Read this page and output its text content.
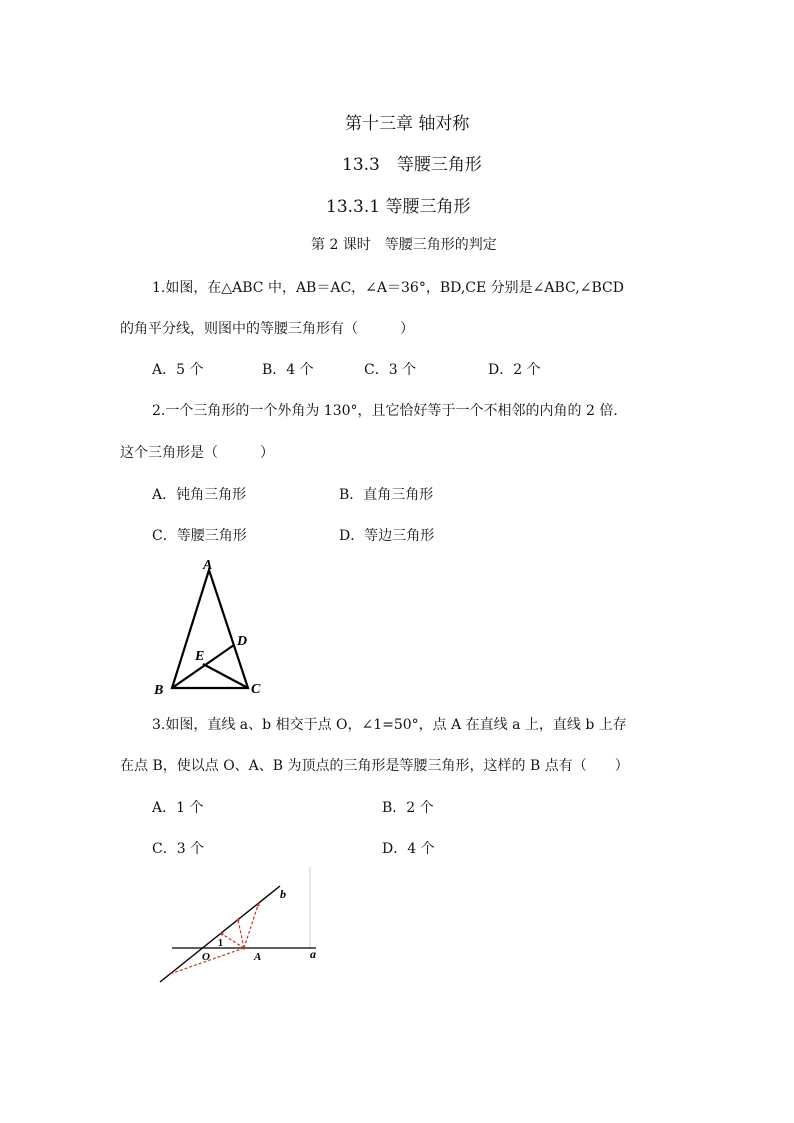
第十三章 轴对称
13.3　等腰三角形
13.3.1 等腰三角形
第 2 课时　等腰三角形的判定
1.如图，在△ABC 中，AB＝AC，∠A＝36°，BD,CE 分别是∠ABC,∠BCD
的角平分线，则图中的等腰三角形有（　　　）
A．5 个	B．4 个	C．3 个	D．2 个
2.一个三角形的一个外角为 130°，且它恰好等于一个不相邻的内角的 2 倍.
这个三角形是（　　　）
A．钝角三角形	B．直角三角形
C．等腰三角形	D．等边三角形
A
B	C
D
E
3.如图，直线 a、b 相交于点 O，∠1=50°，点 A 在直线 a 上，直线 b 上存
在点 B，使以点 O、A、B 为顶点的三角形是等腰三角形，这样的 B 点有（　　）
A．1 个	B．2 个
C．3 个	D．4 个
b
a
O	A
1
